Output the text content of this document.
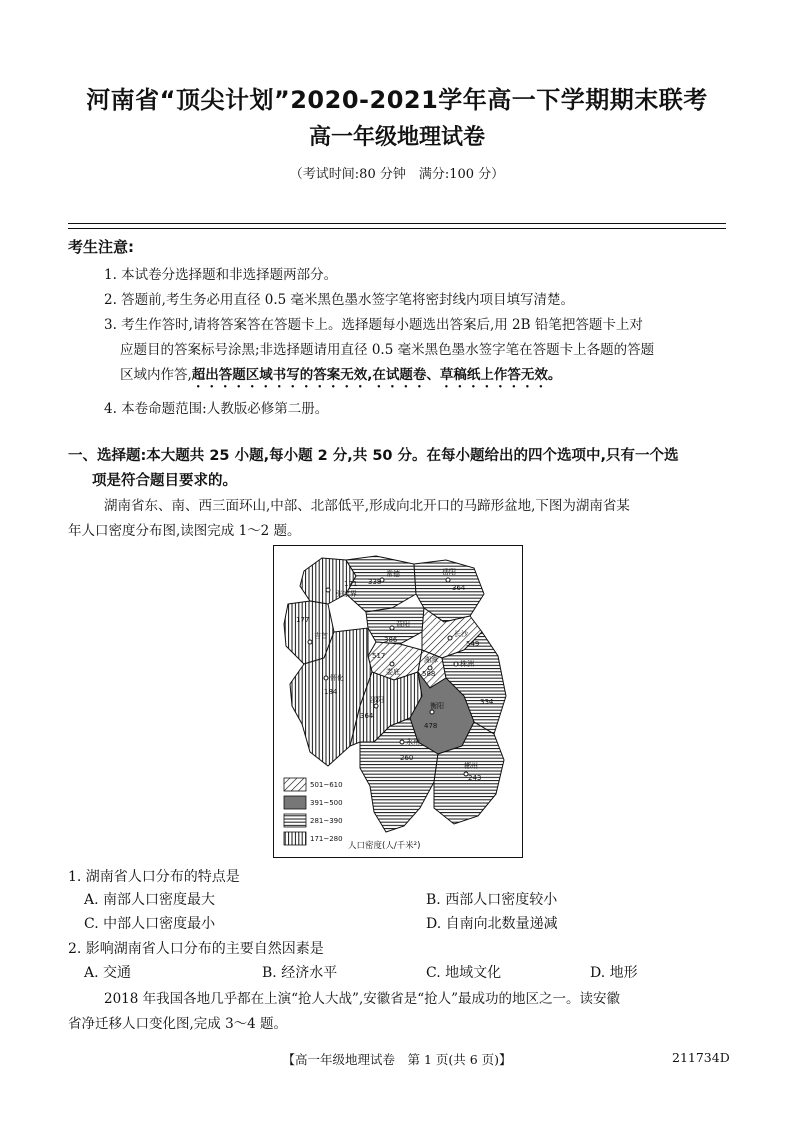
河南省“顶尖计划”2020-2021学年高一下学期期末联考
高一年级地理试卷
（考试时间:80 分钟　满分:100 分）
考生注意:
1. 本试卷分选择题和非选择题两部分。
2. 答题前,考生务必用直径 0.5 毫米黑色墨水签字笔将密封线内项目填写清楚。
3. 考生作答时,请将答案答在答题卡上。选择题每小题选出答案后,用 2B 铅笔把答题卡上对
应题目的答案标号涂黑;非选择题请用直径 0.5 毫米黑色墨水签字笔在答题卡上各题的答题
区域内作答,超出答题区域书写的答案无效,在试题卷、草稿纸上作答无效。
4. 本卷命题范围:人教版必修第二册。
一、选择题:本大题共 25 小题,每小题 2 分,共 50 分。在每小题给出的四个选项中,只有一个选
项是符合题目要求的。
湖南省东、南、西三面环山,中部、北部低平,形成向北开口的马蹄形盆地,下图为湖南省某
年人口密度分布图,读图完成 1～2 题。
171
张家界
338
常德	岳阳
364
177
吉首
益阳
386
长沙
549
517
娄底
湘潭
588
株洲
334
怀化
184
邵阳
364
衡阳
478
永州
260
郴州
243
501~610
391~500
281~390
171~280
人口密度(人/千米²)
1. 湖南省人口分布的特点是
A. 南部人口密度最大	B. 西部人口密度较小
C. 中部人口密度最小	D. 自南向北数量递减
2. 影响湖南省人口分布的主要自然因素是
A. 交通	B. 经济水平	C. 地域文化	D. 地形
2018 年我国各地几乎都在上演“抢人大战”,安徽省是“抢人”最成功的地区之一。读安徽
省净迁移人口变化图,完成 3～4 题。
【高一年级地理试卷　第 1 页(共 6 页)】	211734D
